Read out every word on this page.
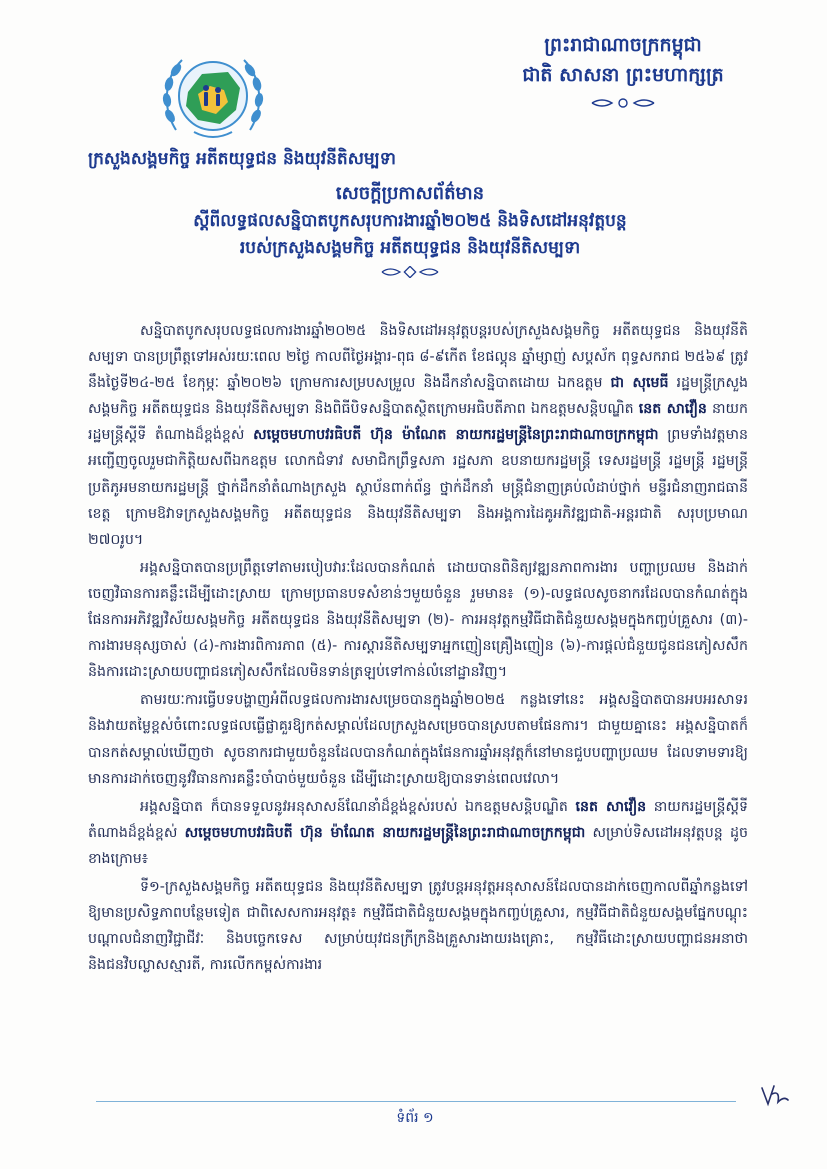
ក្រសួងសង្គមកិច្ច អតីតយុទ្ធជន និងយុវនីតិសម្បទា
ព្រះរាជាណាចក្រកម្ពុជា
ជាតិ សាសនា ព្រះមហាក្សត្រ
សេចក្ដីប្រកាសព័ត៌មាន
ស្ដីពីលទ្ធផលសន្និបាតបូកសរុបការងារឆ្នាំ២០២៥ និងទិសដៅអនុវត្តបន្ត
របស់ក្រសួងសង្គមកិច្ច អតីតយុទ្ធជន និងយុវនីតិសម្បទា

សន្និបាតបូកសរុបលទ្ធផលការងារឆ្នាំ២០២៥ និងទិសដៅអនុវត្តបន្តរបស់ក្រសួងសង្គមកិច្ច អតីតយុទ្ធជន និងយុវនីតិសម្បទា បានប្រព្រឹត្តទៅអស់រយៈពេល ២ថ្ងៃ កាលពីថ្ងៃអង្គារ-ពុធ ៨-៩កើត ខែផល្គុន ឆ្នាំម្សាញ់ សប្តស័ក ពុទ្ធសករាជ ២៥៦៩ ត្រូវនឹងថ្ងៃទី២៤-២៥ ខែកុម្ភៈ ឆ្នាំ២០២៦ ក្រោមការសម្របសម្រួល និងដឹកនាំសន្និបាតដោយ ឯកឧត្តម ជា សុមេធី រដ្ឋមន្ត្រីក្រសួងសង្គមកិច្ច អតីតយុទ្ធជន និងយុវនីតិសម្បទា និងពិធីបិទសន្និបាតស្ថិតក្រោមអធិបតីភាព ឯកឧត្តមសន្តិបណ្ឌិត នេត សាវឿន នាយករដ្ឋមន្ត្រីស្តីទី តំណាងដ៏ខ្ពង់ខ្ពស់ សម្តេចមហាបវរធិបតី ហ៊ុន ម៉ាណែត នាយករដ្ឋមន្ត្រីនៃព្រះរាជាណាចក្រកម្ពុជា ព្រមទាំងវត្តមានអញ្ជើញចូលរួមជាកិត្តិយសពីឯកឧត្តម លោកជំទាវ សមាជិកព្រឹទ្ធសភា រដ្ឋសភា ឧបនាយករដ្ឋមន្ត្រី ទេសរដ្ឋមន្ត្រី រដ្ឋមន្ត្រី រដ្ឋមន្ត្រីប្រតិភូអមនាយករដ្ឋមន្ត្រី ថ្នាក់ដឹកនាំតំណាងក្រសួង ស្ថាប័នពាក់ព័ន្ធ ថ្នាក់ដឹកនាំ មន្ត្រីជំនាញគ្រប់លំដាប់ថ្នាក់ មន្ទីរជំនាញរាជធានី ខេត្ត ក្រោមឱវាទក្រសួងសង្គមកិច្ច អតីតយុទ្ធជន និងយុវនីតិសម្បទា និងអង្គការដៃគូអភិវឌ្ឍជាតិ-អន្តរជាតិ សរុបប្រមាណ ២៧០រូប។

អង្គសន្និបាតបានប្រព្រឹត្តទៅតាមរបៀបវារៈដែលបានកំណត់ ដោយបានពិនិត្យវឌ្ឍនភាពការងារ បញ្ហាប្រឈម និងដាក់ចេញវិធានការគន្លឹះដើម្បីដោះស្រាយ ក្រោមប្រធានបទសំខាន់ៗមួយចំនួន រួមមាន៖ (១)-លទ្ធផលសូចនាករដែលបានកំណត់ក្នុងផែនការអភិវឌ្ឍវិស័យសង្គមកិច្ច អតីតយុទ្ធជន និងយុវនីតិសម្បទា (២)- ការអនុវត្តកម្មវិធីជាតិជំនួយសង្គមក្នុងកញ្ចប់គ្រួសារ (៣)- ការងារមនុស្សចាស់ (៤)-ការងារពិការភាព (៥)- ការស្តារនីតិសម្បទាអ្នកញៀនគ្រឿងញៀន (៦)-ការផ្តល់ជំនួយជូនជនភៀសសឹក និងការដោះស្រាយបញ្ហាជនភៀសសឹកដែលមិនទាន់ត្រឡប់ទៅកាន់លំនៅដ្ឋានវិញ។

តាមរយៈការធ្វើបទបង្ហាញអំពីលទ្ធផលការងារសម្រេចបានក្នុងឆ្នាំ២០២៥ កន្លងទៅនេះ អង្គសន្និបាតបានអបអរសាទរ និងវាយតម្លៃខ្ពស់ចំពោះលទ្ធផលធ្លើផ្លាគួរឱ្យកត់សម្គាល់ដែលក្រសួងសម្រេចបានស្របតាមផែនការ។ ជាមួយគ្នានេះ អង្គសន្និបាតក៏បានកត់សម្គាល់ឃើញថា សូចនាករជាមួយចំនួនដែលបានកំណត់ក្នុងផែនការឆ្នាំអនុវត្តក៏នៅមានជួបបញ្ហាប្រឈម ដែលទាមទារឱ្យមានការដាក់ចេញនូវវិធានការគន្លឹះចាំបាច់មួយចំនួន ដើម្បីដោះស្រាយឱ្យបានទាន់ពេលវេលា។

អង្គសន្និបាត ក៏បានទទួលនូវអនុសាសន៍ណែនាំដ៏ខ្ពង់ខ្ពស់របស់ ឯកឧត្តមសន្តិបណ្ឌិត នេត សាវឿន នាយករដ្ឋមន្ត្រីស្តីទី តំណាងដ៏ខ្ពង់ខ្ពស់ សម្តេចមហាបវរធិបតី ហ៊ុន ម៉ាណែត នាយករដ្ឋមន្ត្រីនៃព្រះរាជាណាចក្រកម្ពុជា សម្រាប់ទិសដៅអនុវត្តបន្ត ដូចខាងក្រោម៖

ទី១-ក្រសួងសង្គមកិច្ច អតីតយុទ្ធជន និងយុវនីតិសម្បទា ត្រូវបន្តអនុវត្តអនុសាសន៍ដែលបានដាក់ចេញកាលពីឆ្នាំកន្លងទៅឱ្យមានប្រសិទ្ធភាពបន្ថែមទៀត ជាពិសេសការអនុវត្ត៖ កម្មវិធីជាតិជំនួយសង្គមក្នុងកញ្ចប់គ្រួសារ, កម្មវិធីជាតិជំនួយសង្គមផ្នែកបណ្តុះបណ្តាលជំនាញវិជ្ជាជីវៈ និងបច្ចេកទេស សម្រាប់យុវជនក្រីក្រនិងគ្រួសារងាយរងគ្រោះ, កម្មវិធីដោះស្រាយបញ្ហាជនអនាថានិងជនវិបល្លាសស្មារតី, ការលើកកម្ពស់ការងារ

ទំព័រ ១
